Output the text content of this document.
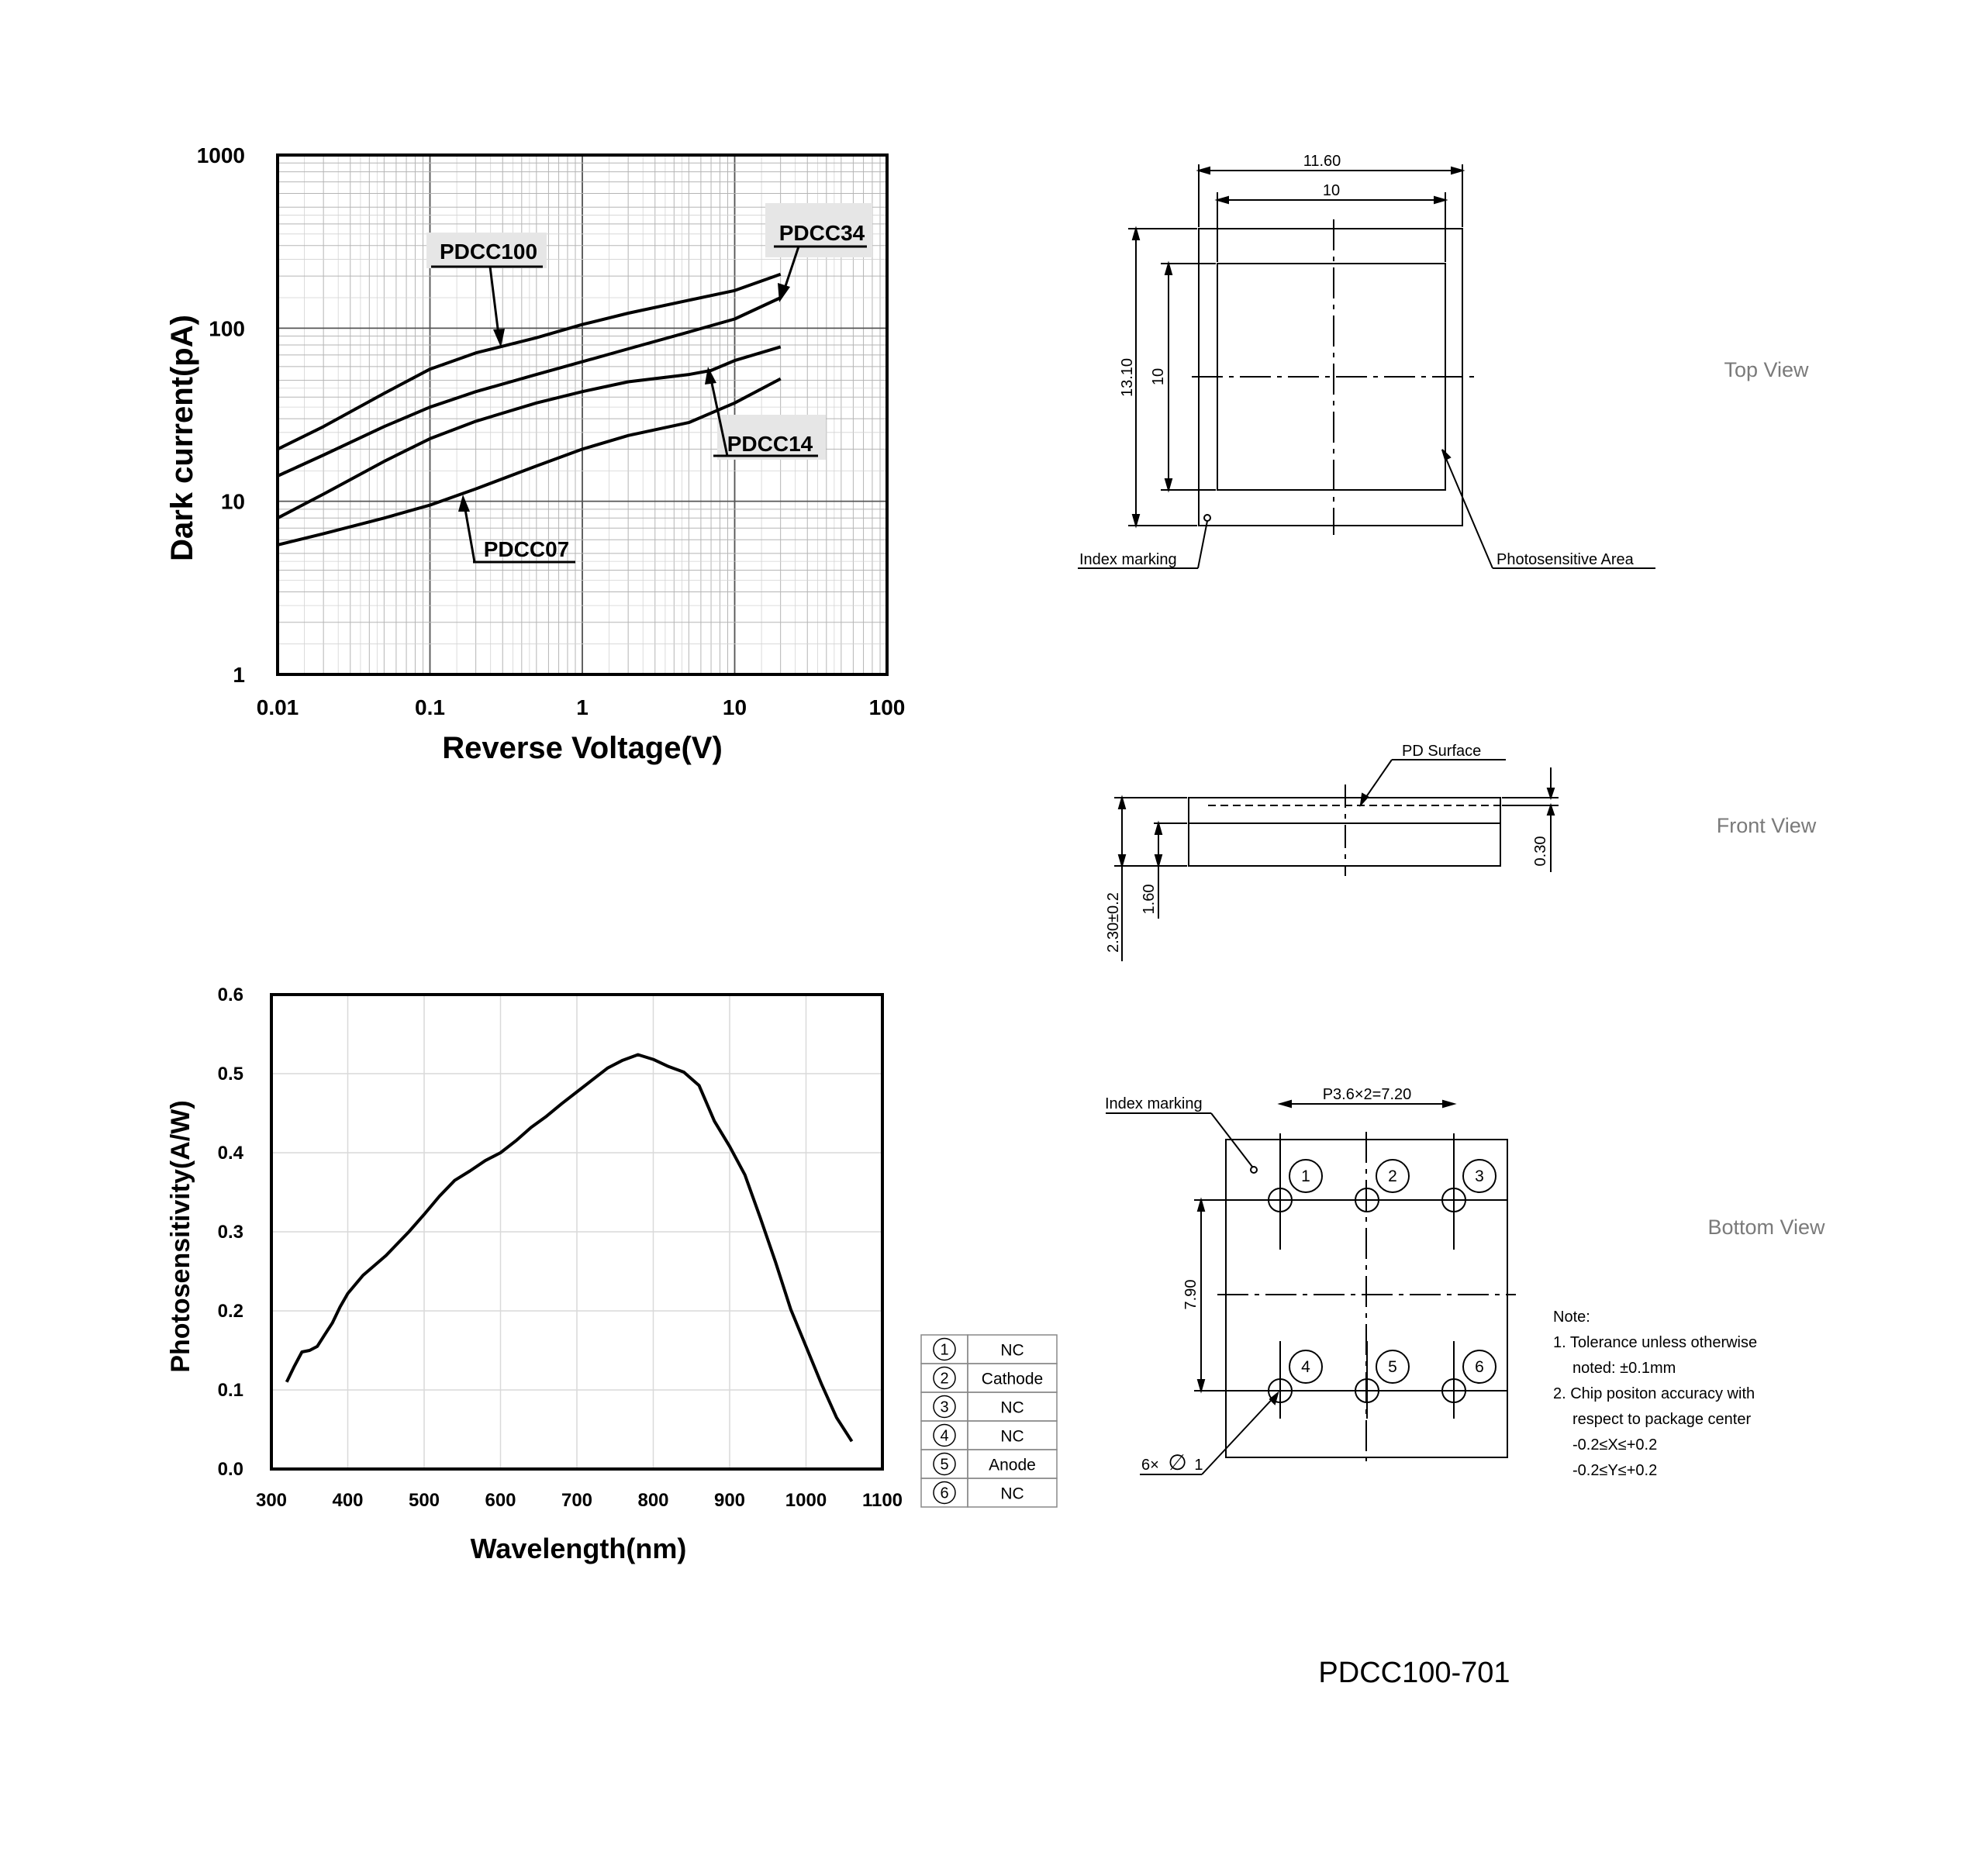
0.01	0.1	1	10	100
1
10
100
1000
Reverse Voltage(V)
Dark current(pA)
PDCC100
PDCC34
PDCC14
PDCC07
300 400 500 600 700 800 900 1000 1100
0.0
0.1
0.2
0.3
0.4
0.5
0.6
Wavelength(nm)
Photosensitivity(A/W)	1	NC
2 Cathode
3	NC
4	NC
5 Anode
6	NC
11.60
10
13.10 10
Index marking	Photosensitive Area
Top View
PD Surface
2.30±0.2 1.60
0.30
Front View
1	2	3
4	5	6
P3.6×2=7.20
7.90
Index marking
6× ∅ 1
Bottom View
Note:
1. Tolerance unless otherwise
noted: ±0.1mm
2. Chip positon accuracy with
respect to package center
-0.2≤X≤+0.2
-0.2≤Y≤+0.2
PDCC100-701
